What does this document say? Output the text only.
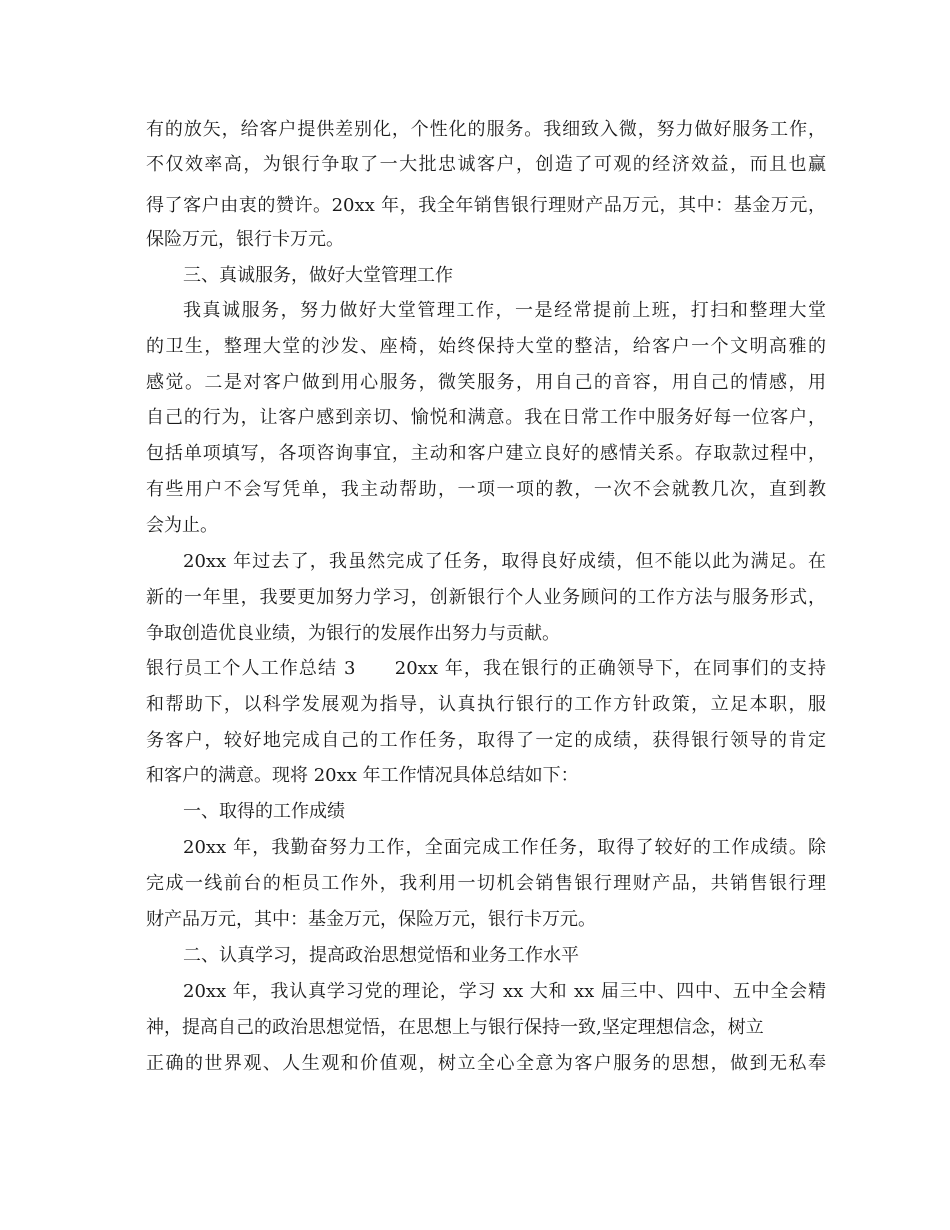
有的放矢，给客户提供差别化，个性化的服务。我细致入微，努力做好服务工作，
不仅效率高，为银行争取了一大批忠诚客户，创造了可观的经济效益，而且也赢
得了客户由衷的赞许。20xx 年，我全年销售银行理财产品万元，其中：基金万元，
保险万元，银行卡万元。
三、真诚服务，做好大堂管理工作
我真诚服务，努力做好大堂管理工作，一是经常提前上班，打扫和整理大堂
的卫生，整理大堂的沙发、座椅，始终保持大堂的整洁，给客户一个文明高雅的
感觉。二是对客户做到用心服务，微笑服务，用自己的音容，用自己的情感，用
自己的行为，让客户感到亲切、愉悦和满意。我在日常工作中服务好每一位客户，
包括单项填写，各项咨询事宜，主动和客户建立良好的感情关系。存取款过程中，
有些用户不会写凭单，我主动帮助，一项一项的教，一次不会就教几次，直到教
会为止。
20xx 年过去了，我虽然完成了任务，取得良好成绩，但不能以此为满足。在
新的一年里，我要更加努力学习，创新银行个人业务顾问的工作方法与服务形式，
争取创造优良业绩，为银行的发展作出努力与贡献。
银行员工个人工作总结 3　　20xx 年，我在银行的正确领导下，在同事们的支持
和帮助下，以科学发展观为指导，认真执行银行的工作方针政策，立足本职，服
务客户，较好地完成自己的工作任务，取得了一定的成绩，获得银行领导的肯定
和客户的满意。现将 20xx 年工作情况具体总结如下：
一、取得的工作成绩
20xx 年，我勤奋努力工作，全面完成工作任务，取得了较好的工作成绩。除
完成一线前台的柜员工作外，我利用一切机会销售银行理财产品，共销售银行理
财产品万元，其中：基金万元，保险万元，银行卡万元。
二、认真学习，提高政治思想觉悟和业务工作水平
20xx 年，我认真学习党的理论，学习 xx 大和 xx 届三中、四中、五中全会精
神，提高自己的政治思想觉悟，在思想上与银行保持一致,坚定理想信念，树立
正确的世界观、人生观和价值观，树立全心全意为客户服务的思想，做到无私奉
